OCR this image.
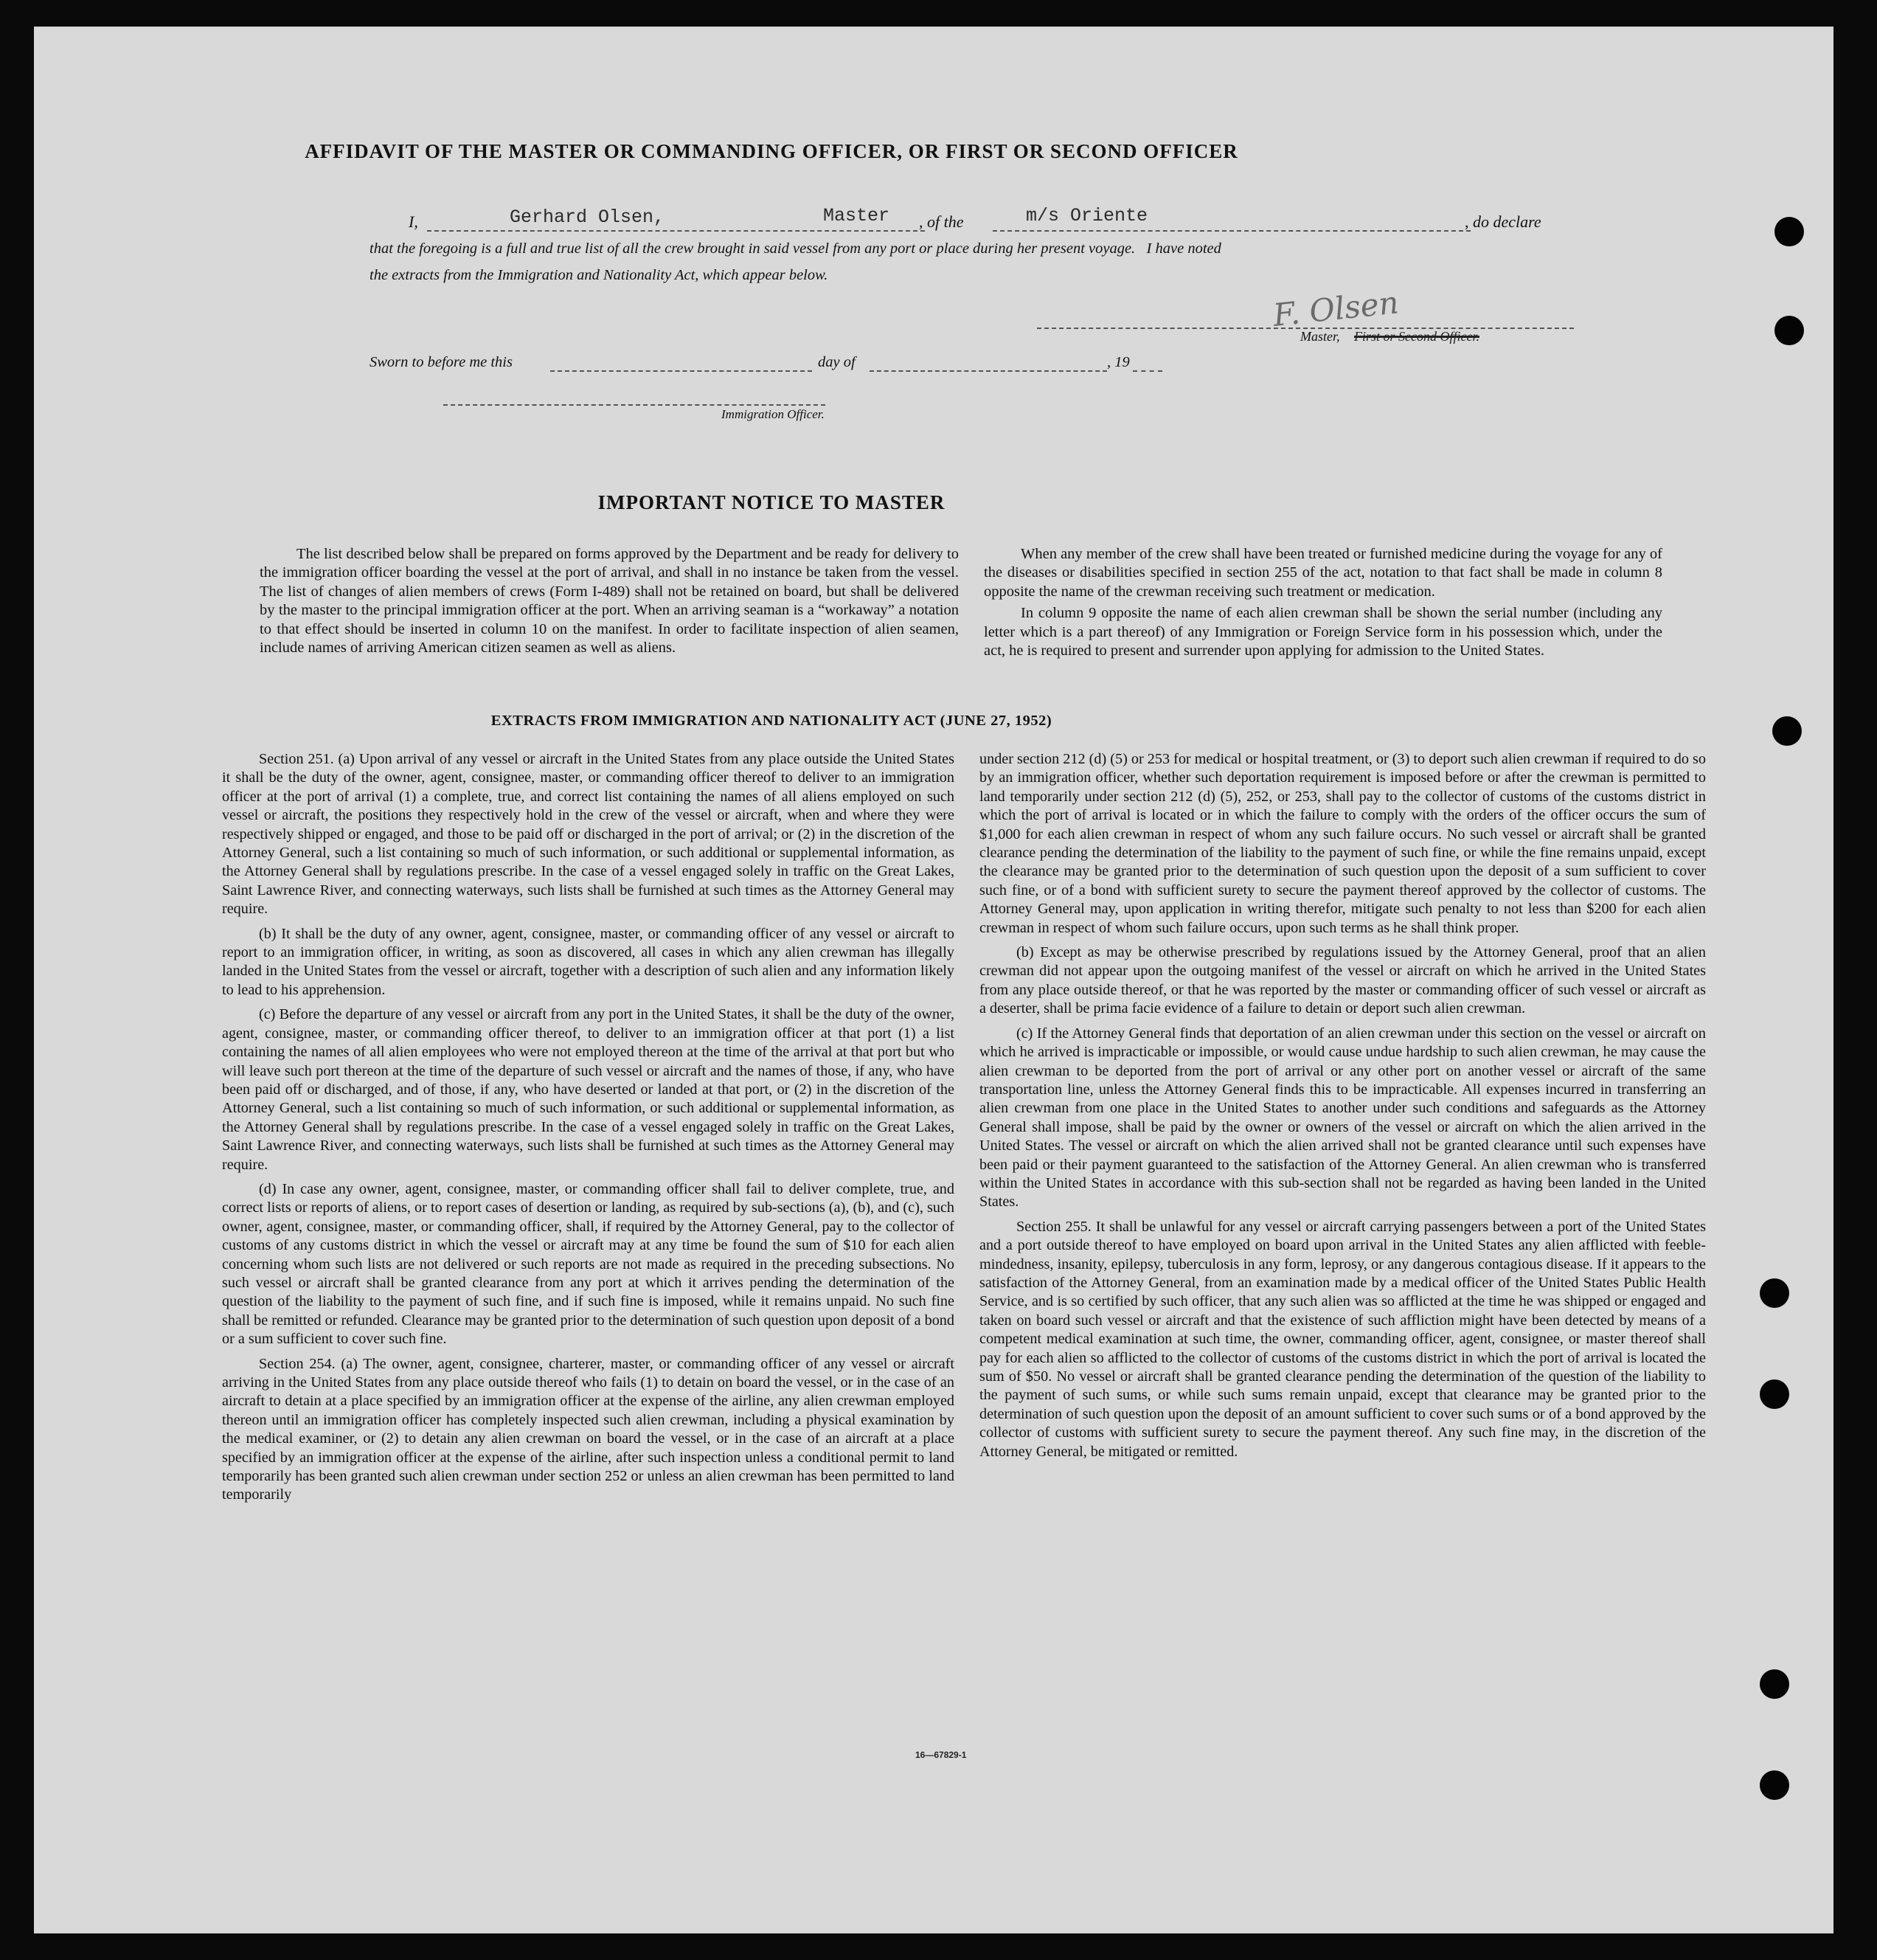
AFFIDAVIT OF THE MASTER OR COMMANDING OFFICER, OR FIRST OR SECOND OFFICER
I,	Gerhard Olsen,	Master , of the	m/s Oriente	, do declare
that the foregoing is a full and true list of all the crew brought in said vessel from any port or place during her present voyage.   I have noted
the extracts from the Immigration and Nationality Act, which appear below.
F. Olsen
Master, First or Second Officer.
Sworn to before me this	day of	, 19
Immigration Officer.
IMPORTANT NOTICE TO MASTER

The list described below shall be prepared on forms approved by the Department and be ready for delivery to the immigration officer boarding the vessel at the port of arrival, and shall in no instance be taken from the vessel. The list of changes of alien members of crews (Form I-489) shall not be retained on board, but shall be delivered by the master to the principal immigration officer at the port. When an arriving seaman is a “workaway” a notation to that effect should be inserted in column 10 on the manifest. In order to facilitate inspection of alien seamen, include names of arriving American citizen seamen as well as aliens.

When any member of the crew shall have been treated or furnished medicine during the voyage for any of the diseases or disabilities specified in section 255 of the act, notation to that fact shall be made in column 8 opposite the name of the crewman receiving such treatment or medication.

In column 9 opposite the name of each alien crewman shall be shown the serial number (including any letter which is a part thereof) of any Immigration or Foreign Service form in his possession which, under the act, he is required to present and surrender upon applying for admission to the United States.

EXTRACTS FROM IMMIGRATION AND NATIONALITY ACT (JUNE 27, 1952)

Section 251. (a) Upon arrival of any vessel or aircraft in the United States from any place outside the United States it shall be the duty of the owner, agent, consignee, master, or commanding officer thereof to deliver to an immigration officer at the port of arrival (1) a complete, true, and correct list containing the names of all aliens employed on such vessel or aircraft, the positions they respectively hold in the crew of the vessel or aircraft, when and where they were respectively shipped or engaged, and those to be paid off or discharged in the port of arrival; or (2) in the discretion of the Attorney General, such a list containing so much of such information, or such additional or supplemental information, as the Attorney General shall by regulations prescribe. In the case of a vessel engaged solely in traffic on the Great Lakes, Saint Lawrence River, and connecting waterways, such lists shall be furnished at such times as the Attorney General may require.

(b) It shall be the duty of any owner, agent, consignee, master, or commanding officer of any vessel or aircraft to report to an immigration officer, in writing, as soon as discovered, all cases in which any alien crewman has illegally landed in the United States from the vessel or aircraft, together with a description of such alien and any information likely to lead to his apprehension.

(c) Before the departure of any vessel or aircraft from any port in the United States, it shall be the duty of the owner, agent, consignee, master, or commanding officer thereof, to deliver to an immigration officer at that port (1) a list containing the names of all alien employees who were not employed thereon at the time of the arrival at that port but who will leave such port thereon at the time of the departure of such vessel or aircraft and the names of those, if any, who have been paid off or discharged, and of those, if any, who have deserted or landed at that port, or (2) in the discretion of the Attorney General, such a list containing so much of such information, or such additional or supplemental information, as the Attorney General shall by regulations prescribe. In the case of a vessel engaged solely in traffic on the Great Lakes, Saint Lawrence River, and connecting waterways, such lists shall be furnished at such times as the Attorney General may require.

(d) In case any owner, agent, consignee, master, or commanding officer shall fail to deliver complete, true, and correct lists or reports of aliens, or to report cases of desertion or landing, as required by sub-sections (a), (b), and (c), such owner, agent, consignee, master, or commanding officer, shall, if required by the Attorney General, pay to the collector of customs of any customs district in which the vessel or aircraft may at any time be found the sum of $10 for each alien concerning whom such lists are not delivered or such reports are not made as required in the preceding subsections. No such vessel or aircraft shall be granted clearance from any port at which it arrives pending the determination of the question of the liability to the payment of such fine, and if such fine is imposed, while it remains unpaid. No such fine shall be remitted or refunded. Clearance may be granted prior to the determination of such question upon deposit of a bond or a sum sufficient to cover such fine.

Section 254. (a) The owner, agent, consignee, charterer, master, or commanding officer of any vessel or aircraft arriving in the United States from any place outside thereof who fails (1) to detain on board the vessel, or in the case of an aircraft to detain at a place specified by an immigration officer at the expense of the airline, any alien crewman employed thereon until an immigration officer has completely inspected such alien crewman, including a physical examination by the medical examiner, or (2) to detain any alien crewman on board the vessel, or in the case of an aircraft at a place specified by an immigration officer at the expense of the airline, after such inspection unless a conditional permit to land temporarily has been granted such alien crewman under section 252 or unless an alien crewman has been permitted to land temporarily

under section 212 (d) (5) or 253 for medical or hospital treatment, or (3) to deport such alien crewman if required to do so by an immigration officer, whether such deportation requirement is imposed before or after the crewman is permitted to land temporarily under section 212 (d) (5), 252, or 253, shall pay to the collector of customs of the customs district in which the port of arrival is located or in which the failure to comply with the orders of the officer occurs the sum of $1,000 for each alien crewman in respect of whom any such failure occurs. No such vessel or aircraft shall be granted clearance pending the determination of the liability to the payment of such fine, or while the fine remains unpaid, except the clearance may be granted prior to the determination of such question upon the deposit of a sum sufficient to cover such fine, or of a bond with sufficient surety to secure the payment thereof approved by the collector of customs. The Attorney General may, upon application in writing therefor, mitigate such penalty to not less than $200 for each alien crewman in respect of whom such failure occurs, upon such terms as he shall think proper.

(b) Except as may be otherwise prescribed by regulations issued by the Attorney General, proof that an alien crewman did not appear upon the outgoing manifest of the vessel or aircraft on which he arrived in the United States from any place outside thereof, or that he was reported by the master or commanding officer of such vessel or aircraft as a deserter, shall be prima facie evidence of a failure to detain or deport such alien crewman.

(c) If the Attorney General finds that deportation of an alien crewman under this section on the vessel or aircraft on which he arrived is impracticable or impossible, or would cause undue hardship to such alien crewman, he may cause the alien crewman to be deported from the port of arrival or any other port on another vessel or aircraft of the same transportation line, unless the Attorney General finds this to be impracticable. All expenses incurred in transferring an alien crewman from one place in the United States to another under such conditions and safeguards as the Attorney General shall impose, shall be paid by the owner or owners of the vessel or aircraft on which the alien arrived in the United States. The vessel or aircraft on which the alien arrived shall not be granted clearance until such expenses have been paid or their payment guaranteed to the satisfaction of the Attorney General. An alien crewman who is transferred within the United States in accordance with this sub-section shall not be regarded as having been landed in the United States.

Section 255. It shall be unlawful for any vessel or aircraft carrying passengers between a port of the United States and a port outside thereof to have employed on board upon arrival in the United States any alien afflicted with feeble-mindedness, insanity, epilepsy, tuberculosis in any form, leprosy, or any dangerous contagious disease. If it appears to the satisfaction of the Attorney General, from an examination made by a medical officer of the United States Public Health Service, and is so certified by such officer, that any such alien was so afflicted at the time he was shipped or engaged and taken on board such vessel or aircraft and that the existence of such affliction might have been detected by means of a competent medical examination at such time, the owner, commanding officer, agent, consignee, or master thereof shall pay for each alien so afflicted to the collector of customs of the customs district in which the port of arrival is located the sum of $50. No vessel or aircraft shall be granted clearance pending the determination of the question of the liability to the payment of such sums, or while such sums remain unpaid, except that clearance may be granted prior to the determination of such question upon the deposit of an amount sufficient to cover such sums or of a bond approved by the collector of customs with sufficient surety to secure the payment thereof. Any such fine may, in the discretion of the Attorney General, be mitigated or remitted.

16—67829-1
